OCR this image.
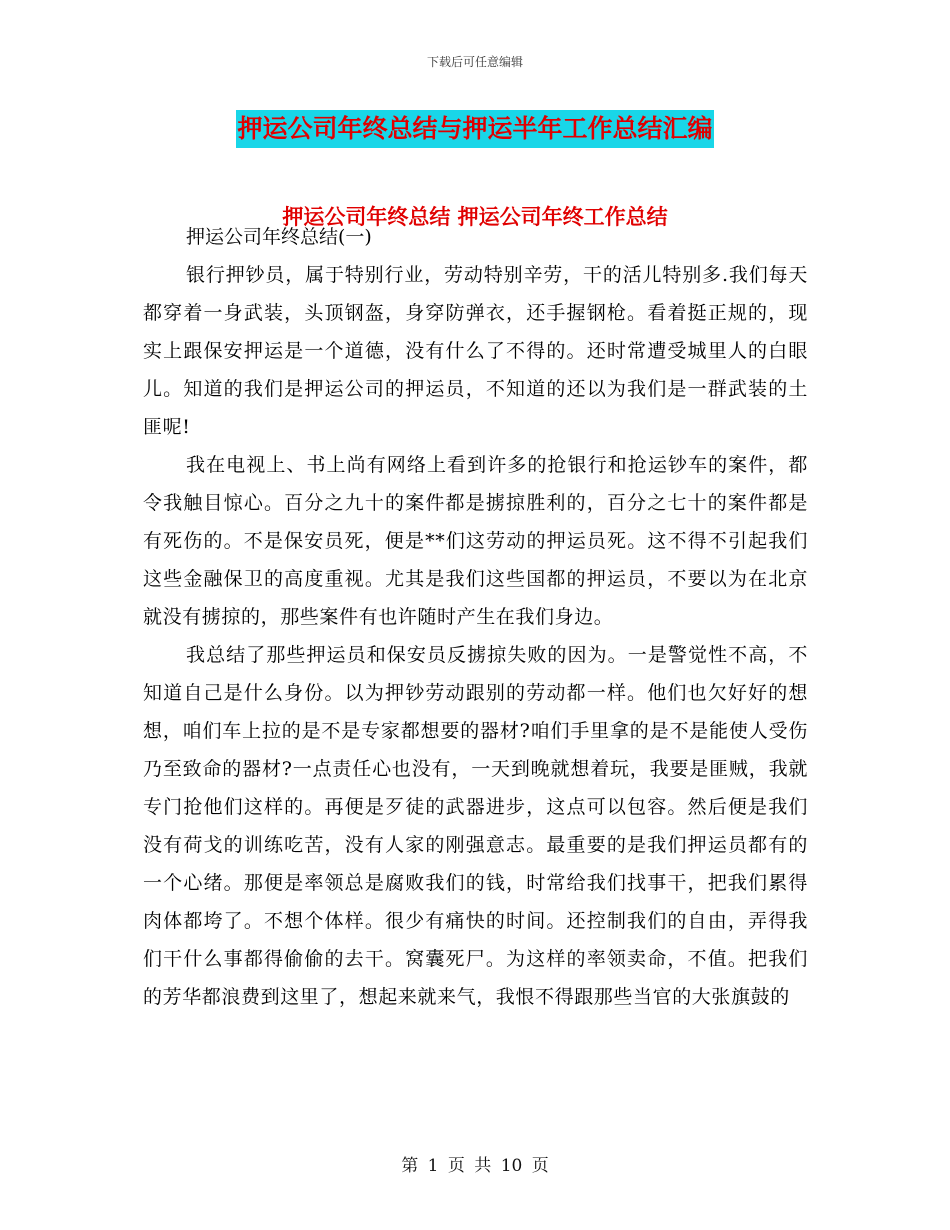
下载后可任意编辑
押运公司年终总结与押运半年工作总结汇编
押运公司年终总结 押运公司年终工作总结

押运公司年终总结(一)

银行押钞员，属于特别行业，劳动特别辛劳，干的活儿特别多.我们每天都穿着一身武装，头顶钢盔，身穿防弹衣，还手握钢枪。看着挺正规的，现实上跟保安押运是一个道德，没有什么了不得的。还时常遭受城里人的白眼儿。知道的我们是押运公司的押运员，不知道的还以为我们是一群武装的土匪呢!

我在电视上、书上尚有网络上看到许多的抢银行和抢运钞车的案件，都令我触目惊心。百分之九十的案件都是掳掠胜利的，百分之七十的案件都是有死伤的。不是保安员死，便是**们这劳动的押运员死。这不得不引起我们这些金融保卫的高度重视。尤其是我们这些国都的押运员，不要以为在北京就没有掳掠的，那些案件有也许随时产生在我们身边。

我总结了那些押运员和保安员反掳掠失败的因为。一是警觉性不高，不知道自己是什么身份。以为押钞劳动跟别的劳动都一样。他们也欠好好的想想，咱们车上拉的是不是专家都想要的器材?咱们手里拿的是不是能使人受伤乃至致命的器材?一点责任心也没有，一天到晚就想着玩，我要是匪贼，我就专门抢他们这样的。再便是歹徒的武器进步，这点可以包容。然后便是我们没有荷戈的训练吃苦，没有人家的刚强意志。最重要的是我们押运员都有的一个心绪。那便是率领总是腐败我们的钱，时常给我们找事干，把我们累得肉体都垮了。不想个体样。很少有痛快的时间。还控制我们的自由，弄得我们干什么事都得偷偷的去干。窝囊死尸。为这样的率领卖命，不值。把我们的芳华都浪费到这里了，想起来就来气，我恨不得跟那些当官的大张旗鼓的

第 1 页 共 10 页
